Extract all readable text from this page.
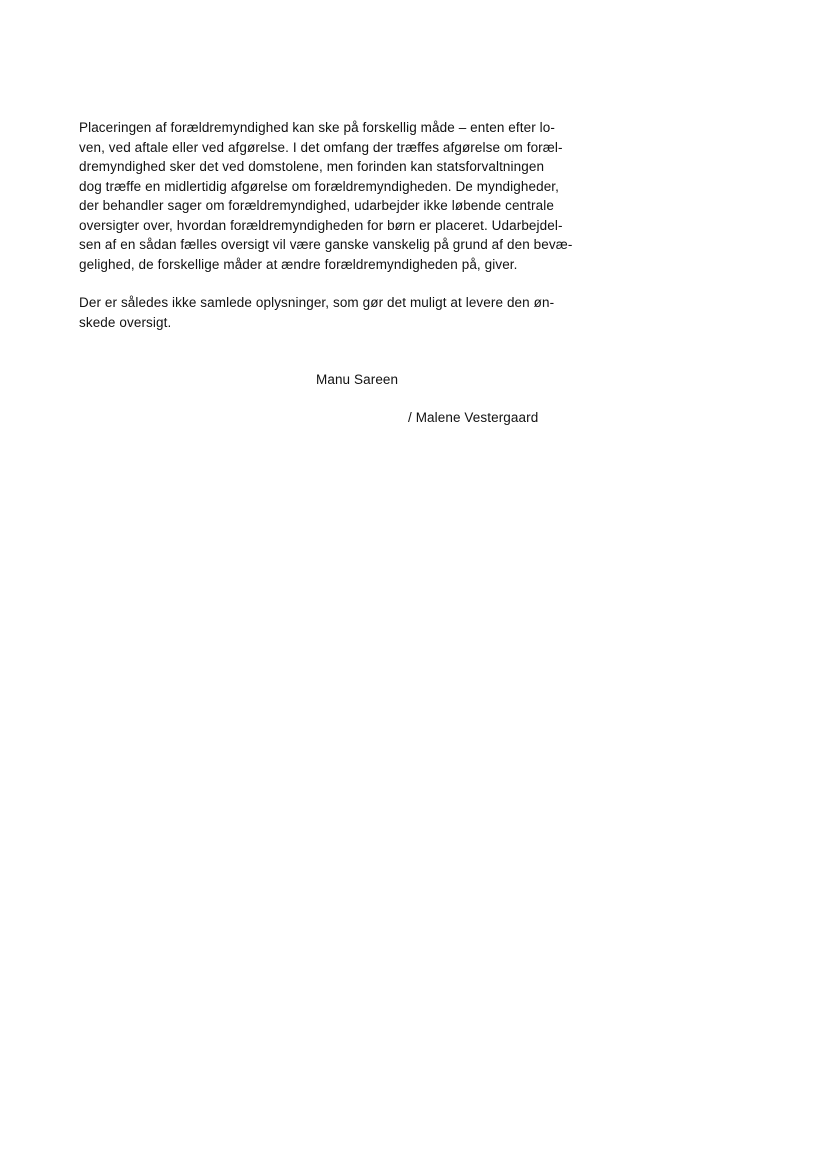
Placeringen af forældremyndighed kan ske på forskellig måde – enten efter lo-
ven, ved aftale eller ved afgørelse. I det omfang der træffes afgørelse om foræl-
dremyndighed sker det ved domstolene, men forinden kan statsforvaltningen
dog træffe en midlertidig afgørelse om forældremyndigheden. De myndigheder,
der behandler sager om forældremyndighed, udarbejder ikke løbende centrale
oversigter over, hvordan forældremyndigheden for børn er placeret. Udarbejdel-
sen af en sådan fælles oversigt vil være ganske vanskelig på grund af den bevæ-
gelighed, de forskellige måder at ændre forældremyndigheden på, giver.
Der er således ikke samlede oplysninger, som gør det muligt at levere den øn-
skede oversigt.
Manu Sareen
/ Malene Vestergaard
